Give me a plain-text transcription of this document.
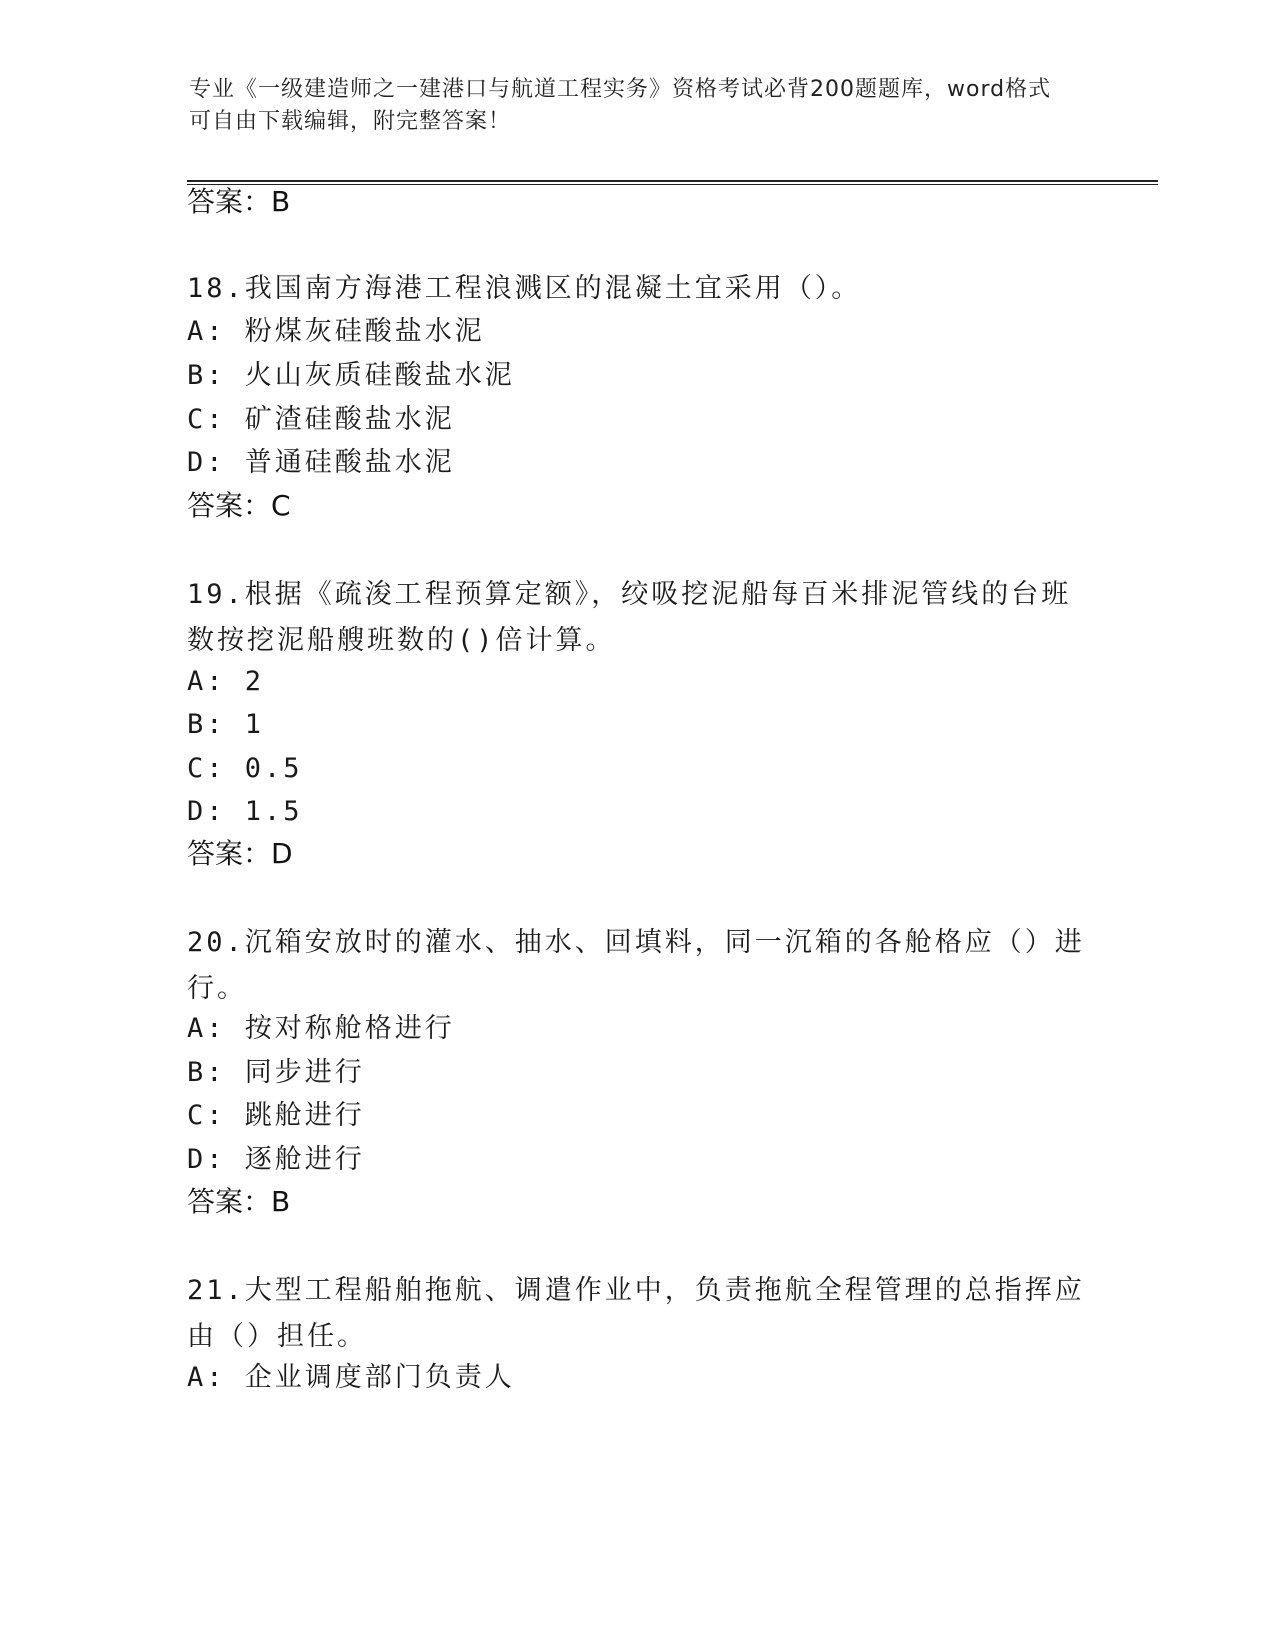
专业《一级建造师之一建港口与航道工程实务》资格考试必背200题题库，word格式可自由下载编辑，附完整答案！
答案：B
18.我国南方海港工程浪溅区的混凝土宜采用（）。
A: 粉煤灰硅酸盐水泥
B: 火山灰质硅酸盐水泥
C: 矿渣硅酸盐水泥
D: 普通硅酸盐水泥
答案：C
19.根据《疏浚工程预算定额》，绞吸挖泥船每百米排泥管线的台班数按挖泥船艘班数的()倍计算。
A: 2
B: 1
C: 0.5
D: 1.5
答案：D
20.沉箱安放时的灌水、抽水、回填料，同一沉箱的各舱格应（）进行。
A: 按对称舱格进行
B: 同步进行
C: 跳舱进行
D: 逐舱进行
答案：B
21.大型工程船舶拖航、调遣作业中，负责拖航全程管理的总指挥应由（）担任。
A: 企业调度部门负责人
